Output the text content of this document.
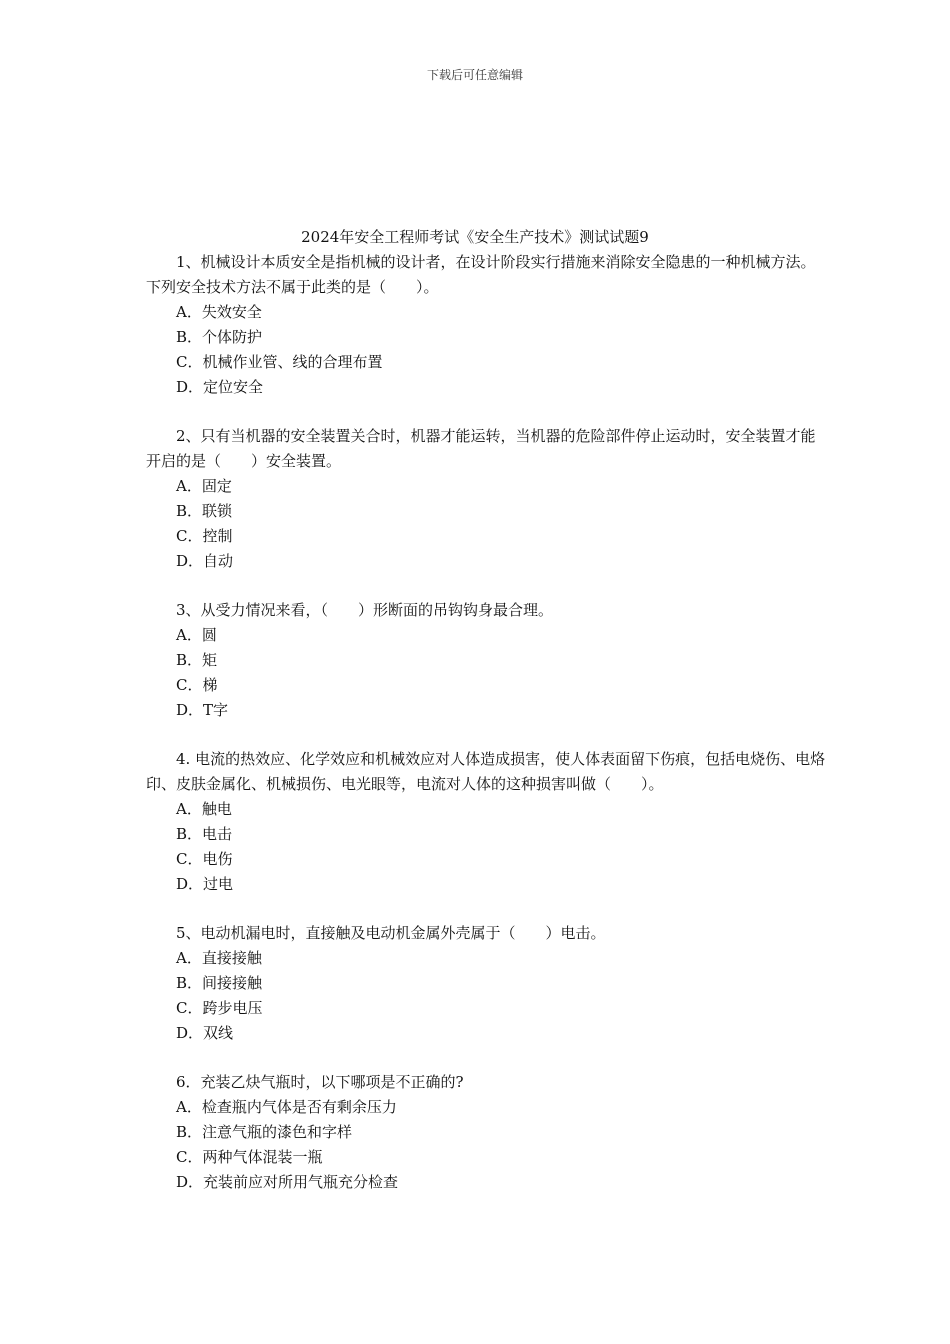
下载后可任意编辑
2024年安全工程师考试《安全生产技术》测试试题9

1、机械设计本质安全是指机械的设计者，在设计阶段实行措施来消除安全隐患的一种机械方法。下列安全技术方法不属于此类的是（　　）。

A．失效安全

B．个体防护

C．机械作业管、线的合理布置

D．定位安全

2、只有当机器的安全装置关合时，机器才能运转，当机器的危险部件停止运动时，安全装置才能开启的是（　　）安全装置。

A．固定

B．联锁

C．控制

D．自动

3、从受力情况来看，（　　）形断面的吊钩钩身最合理。

A．圆

B．矩

C．梯

D．T字

4. 电流的热效应、化学效应和机械效应对人体造成损害，使人体表面留下伤痕，包括电烧伤、电烙印、皮肤金属化、机械损伤、电光眼等，电流对人体的这种损害叫做（　　）。

A．触电

B．电击

C．电伤

D．过电

5、电动机漏电时，直接触及电动机金属外壳属于（　　）电击。

A．直接接触

B．间接接触

C．跨步电压

D．双线

6．充装乙炔气瓶时，以下哪项是不正确的?

A．检查瓶内气体是否有剩余压力

B．注意气瓶的漆色和字样

C．两种气体混装一瓶

D．充装前应对所用气瓶充分检查
